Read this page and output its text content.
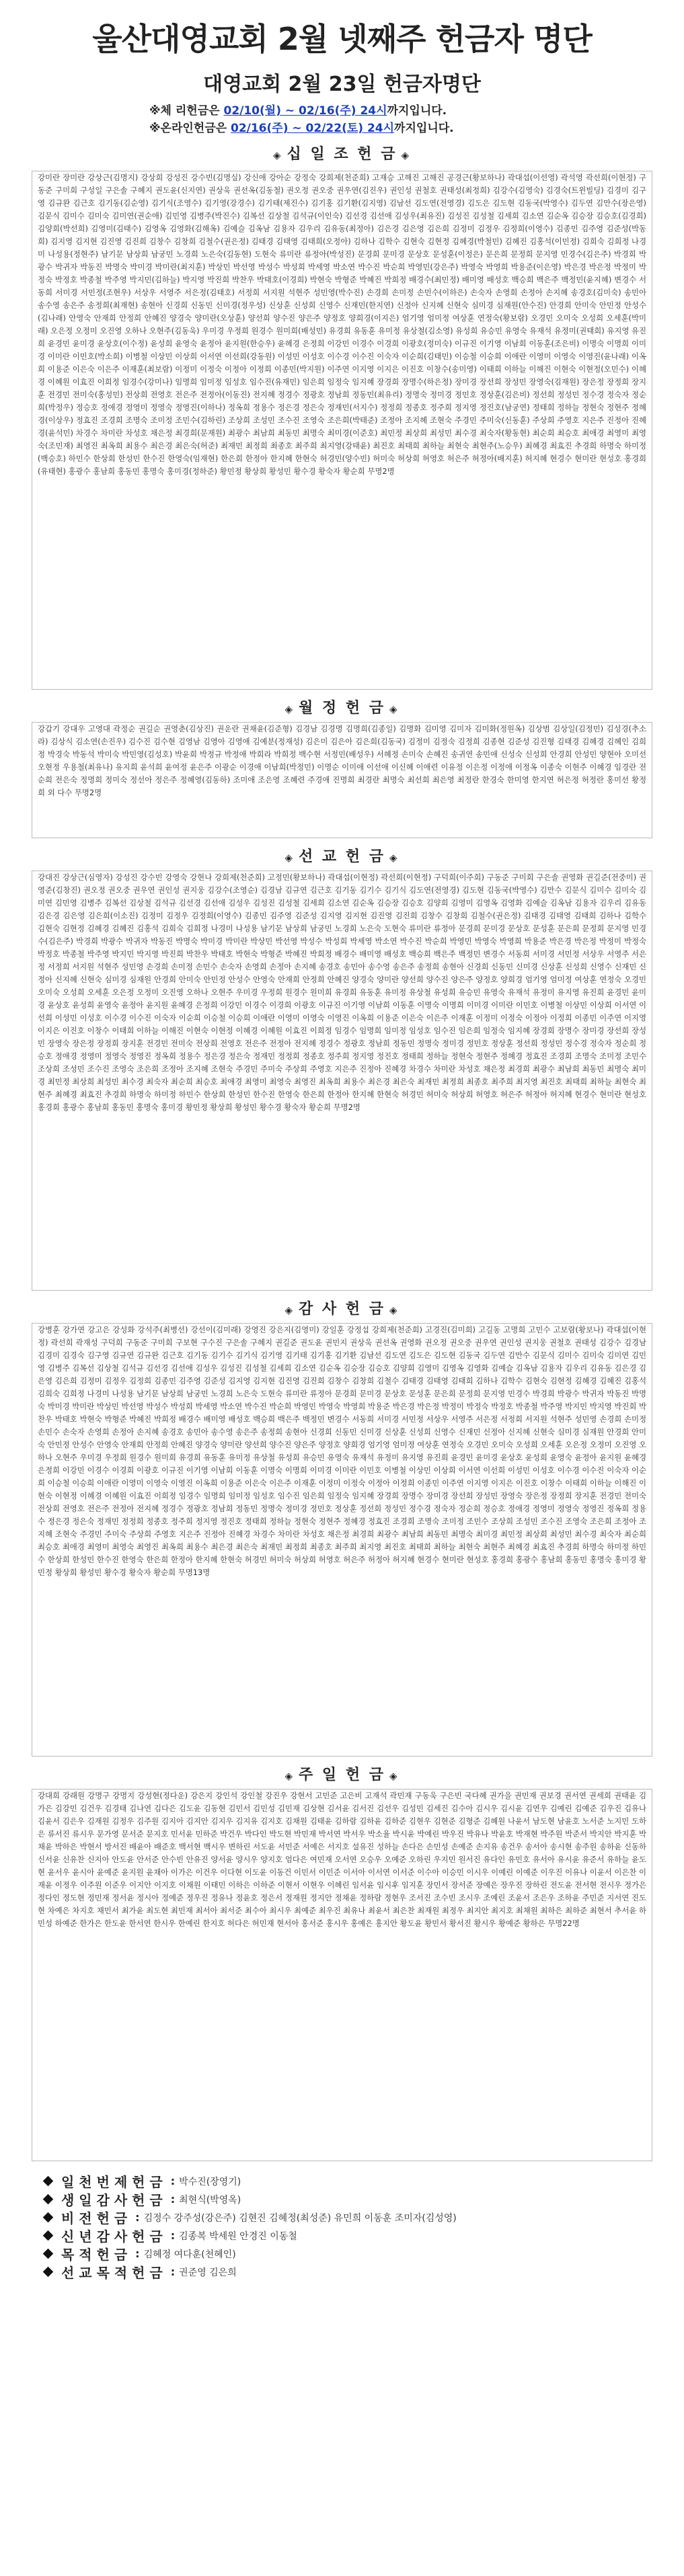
울산대영교회 2월 넷째주 헌금자 명단
대영교회 2월 23일 헌금자명단
※체 리헌금은 02/10(월) ~ 02/16(주) 24시까지입니다.
※온라인헌금은 02/16(주) ~ 02/22(토) 24시까지입니다.
◈ 십 일 조 헌 금 ◈

강미란 장미란 강상근(김명지) 강상희 강성진 강수빈(김명실) 강신애 강아순 강정숙 강희제(천준희) 고재승 고해진 고해진 공경근(황보하나) 곽대섭(이선영) 곽석영 곽선희(이현정) 구동준 구미희 구성일 구은솔 구혜지 권도윤(신지연) 권상욱 권선옥(김동철) 권오정 권오중 권우연(김진우) 권인성 권철호 권태성(최정희) 김강수(김영숙) 김경숙(트윈빌딩) 김경미 김구영 김규완 김근호 김기동(김순영) 김기식(조영수) 김기영(강경수) 김기태(제진수) 김기홍 김기환(김지영) 김남선 김도연(전영경) 김도은 김도현 김동국(박영수) 김두연 김만수(장은영) 김문식 김미수 김미숙 김미연(권순애) 김민영 김병주(박진수) 김복선 김상철 김석규(이인숙) 김선경 김선애 김성우(최유진) 김성진 김성철 김세희 김소연 김순옥 김승장 김승호(김경희) 김양희(박선희) 김영미(김태수) 김영옥 김영화(김해옥) 김예슬 김옥남 김용자 김우리 김유동(최정아) 김은경 김은영 김은희 김정미 김정우 김정희(이영수) 김종민 김주영 김준성(박동희) 김지영 김지현 김진영 김진희 김창수 김창희 김철수(권은정) 김태경 김태영 김태희(오정아) 김하나 김학수 김현숙 김현정 김혜경(박철민) 김혜진 김홍석(이민정) 김희숙 김희정 나경미 나성용(정현주) 남기문 남상희 남궁민 노경희 노은숙(김동현) 도현숙 류미란 류정아(박성진) 문경희 문미경 문상호 문성훈(이정은) 문은희 문정희 문지영 민경수(김은주) 박경희 박광수 박귀자 박동진 박명숙 박미경 박미란(최지훈) 박상민 박선영 박성수 박성희 박세영 박소연 박수진 박순희 박영민(강은주) 박영숙 박영희 박용준(이은영) 박은경 박은정 박정미 박정숙 박정호 박종철 박주영 박지민(김하늘) 박지영 박진희 박찬우 박태호(이경희) 박현숙 박형준 박혜진 박희정 배경수(최민정) 배미영 배성호 백승희 백은주 백정민(윤지혜) 변경수 서동희 서미경 서민정(조현우) 서상우 서영주 서은정(김태호) 서정희 서지원 석현주 성민영(박수진) 손경희 손미정 손민수(이하은) 손숙자 손영희 손정아 손지혜 송경호(김미숙) 송민아 송수영 송은주 송정희(최재현) 송현아 신경희 신동민 신미경(정우성) 신상훈 신성희 신영수 신재민(한지연) 신정아 신지혜 신현숙 심미경 심재원(안수진) 안경희 안미숙 안민정 안성수(김나래) 안영숙 안재희 안정희 안혜진 양경숙 양미란(오상훈) 양선희 양수진 양은주 양정호 양희경(이지은) 엄기영 엄미정 여상훈 연정숙(황보람) 오경민 오미숙 오성희 오세훈(박미래) 오은정 오정미 오진영 오하나 오현주(김동욱) 우미경 우정희 원경수 원미희(배성민) 유경희 유동훈 유미정 유상철(김소영) 유성희 유승민 유영숙 유재석 유정미(권태희) 유지영 유진희 윤경민 윤미경 윤상호(이수정) 윤성희 윤영숙 윤정아 윤지원(한승우) 윤혜경 은정희 이강민 이경수 이경희 이광호(정미숙) 이규진 이기영 이남희 이동훈(조은비) 이명숙 이명희 이미경 이미란 이민호(박소희) 이병철 이상민 이상희 이서연 이선희(강동원) 이성민 이성호 이수경 이수진 이숙자 이순희(김태민) 이승철 이승희 이애란 이영미 이영숙 이영진(윤나래) 이옥희 이용준 이은숙 이은주 이재훈(최보람) 이정미 이정숙 이정아 이정희 이종민(박지원) 이주연 이지영 이지은 이진호 이창수(송미영) 이태희 이하늘 이해진 이현숙 이현정(오민수) 이혜경 이혜원 이효진 이희정 임경수(강미나) 임명희 임미정 임성호 임수진(유재민) 임은희 임정숙 임지혜 장경희 장명수(하은정) 장미경 장선희 장성민 장영숙(김재원) 장은정 장정희 장지훈 전경민 전미숙(홍성민) 전상희 전영호 전은주 전정아(이동진) 전지혜 정경수 정광호 정남희 정동민(최유리) 정명숙 정미경 정민호 정상훈(김은비) 정선희 정성민 정수경 정숙자 정순희(박정우) 정승호 정애경 정영미 정영숙 정영진(이하나) 정옥희 정용수 정은경 정은숙 정재민(서지수) 정정희 정종호 정주희 정지영 정진호(남궁연) 정태희 정하늘 정현숙 정현주 정혜경(이상우) 정효진 조경희 조명숙 조미정 조민수(김하린) 조상희 조성민 조수진 조영숙 조은희(박태준) 조정아 조지혜 조현숙 주경민 주미숙(신동훈) 주상희 주영호 지은주 진정아 진혜경(윤석민) 차경수 차미란 차성호 채은정 최경희(문재원) 최광수 최남희 최동민 최명숙 최미경(이준호) 최민정 최상희 최성민 최수경 최숙자(황동현) 최순희 최승호 최애경 최영미 최영숙(조민재) 최영진 최옥희 최용수 최은경 최은숙(허준) 최재민 최정희 최종호 최주희 최지영(강태윤) 최진호 최태희 최하늘 최현숙 최현주(노승우) 최혜경 최효진 추경희 하명숙 하미정(백승호) 하민수 한상희 한성민 한수진 한영숙(임재현) 한은희 한정아 한지혜 한현숙 허경민(양수빈) 허미숙 허상희 허영호 허은주 허정아(배지훈) 허지혜 현경수 현미란 현성호 홍경희(유태현) 홍광수 홍남희 홍동민 홍명숙 홍미경(정하준) 황민정 황상희 황성민 황수경 황숙자 황순희 무명2명

◈ 월 정 헌 금 ◈

강갑기 강대우 고영대 곽정순 권길순 권영춘(김상진) 권운란 권채윤(김준형) 김경남 김경명 김명희(김종일) 김명화 김미영 김미자 김미화(정원옥) 김상범 김상일(김정민) 김성경(추소라) 김상식 김소연(손진우) 김수진 김수현 김영남 김영아 김영애 김예분(정재성) 김은미 김은아 김은희(김동국) 김정미 김정숙 김정희 김종현 김준성 김진형 김태경 김혜경 김혜인 김희정 박경숙 박동석 박미숙 박민영(김성호) 박윤희 박정규 박정애 박희라 박희정 백수현 서정민(배성우) 서혜정 손미숙 손혜진 송귀연 송민애 신성숙 신성희 안경희 안성민 양현아 오미선 오현정 우용철(최유나) 유지희 윤석희 윤여정 윤은주 이광순 이경애 이남희(박정민) 이명순 이미애 이선애 이신혜 이애련 이유정 이은정 이정애 이정옥 이종숙 이현주 이혜경 임경란 전순희 전은숙 정명희 정미숙 정선아 정은주 정혜영(김동하) 조미애 조은영 조혜련 주경애 진명희 최경란 최명숙 최선희 최은영 최정란 한경숙 한미영 한지연 허은정 허정란 홍미선 황정희 외 다수 무명2명

◈ 선 교 헌 금 ◈

강대진 강상근(심영자) 강성진 강수빈 강영숙 강현나 강희제(천준희) 고정민(황보하나) 곽대섭(이현정) 곽선희(이현정) 구덕희(이주희) 구동준 구미희 구은솔 권영화 권길준(전중미) 권영준(김창진) 권오정 권오중 권우연 권인성 권지웅 김강수(조영순) 김경남 김규연 김근호 김기동 김기수 김기식 김도연(전영경) 김도현 김동국(박영수) 김만수 김문식 김미수 김미숙 김미연 김민영 김병주 김복선 김상철 김석규 김선경 김선애 김성우 김성진 김성철 김세희 김소연 김순옥 김승장 김승호 김양희 김영미 김영옥 김영화 김예슬 김옥남 김용자 김우리 김유동 김은경 김은영 김은희(이소진) 김정미 김정우 김정희(이영수) 김종민 김주영 김준성 김지영 김지현 김진영 김진희 김창수 김창희 김철수(권은정) 김태경 김태영 김태희 김하나 김학수 김현숙 김현정 김혜경 김혜진 김홍석 김희숙 김희정 나경미 나성용 남기문 남상희 남궁민 노경희 노은숙 도현숙 류미란 류정아 문경희 문미경 문상호 문성훈 문은희 문정희 문지영 민경수(김은주) 박경희 박광수 박귀자 박동진 박명숙 박미경 박미란 박상민 박선영 박성수 박성희 박세영 박소연 박수진 박순희 박영민 박영숙 박영희 박용준 박은경 박은정 박정미 박정숙 박정호 박종철 박주영 박지민 박지영 박진희 박찬우 박태호 박현숙 박형준 박혜진 박희정 배경수 배미영 배성호 백승희 백은주 백정민 변경수 서동희 서미경 서민정 서상우 서영주 서은정 서정희 서지원 석현주 성민영 손경희 손미정 손민수 손숙자 손영희 손정아 손지혜 송경호 송민아 송수영 송은주 송정희 송현아 신경희 신동민 신미경 신상훈 신성희 신영수 신재민 신정아 신지혜 신현숙 심미경 심재원 안경희 안미숙 안민정 안성수 안영숙 안재희 안정희 안혜진 양경숙 양미란 양선희 양수진 양은주 양정호 양희경 엄기영 엄미정 여상훈 연정숙 오경민 오미숙 오성희 오세훈 오은정 오정미 오진영 오하나 오현주 우미경 우정희 원경수 원미희 유경희 유동훈 유미정 유상철 유성희 유승민 유영숙 유재석 유정미 유지영 유진희 윤경민 윤미경 윤상호 윤성희 윤영숙 윤정아 윤지원 윤혜경 은정희 이강민 이경수 이경희 이광호 이규진 이기영 이남희 이동훈 이명숙 이명희 이미경 이미란 이민호 이병철 이상민 이상희 이서연 이선희 이성민 이성호 이수경 이수진 이숙자 이순희 이승철 이승희 이애란 이영미 이영숙 이영진 이옥희 이용준 이은숙 이은주 이재훈 이정미 이정숙 이정아 이정희 이종민 이주연 이지영 이지은 이진호 이창수 이태희 이하늘 이해진 이현숙 이현정 이혜경 이혜원 이효진 이희정 임경수 임명희 임미정 임성호 임수진 임은희 임정숙 임지혜 장경희 장명수 장미경 장선희 장성민 장영숙 장은정 장정희 장지훈 전경민 전미숙 전상희 전영호 전은주 전정아 전지혜 정경수 정광호 정남희 정동민 정명숙 정미경 정민호 정상훈 정선희 정성민 정수경 정숙자 정순희 정승호 정애경 정영미 정영숙 정영진 정옥희 정용수 정은경 정은숙 정재민 정정희 정종호 정주희 정지영 정진호 정태희 정하늘 정현숙 정현주 정혜경 정효진 조경희 조명숙 조미정 조민수 조상희 조성민 조수진 조영숙 조은희 조정아 조지혜 조현숙 주경민 주미숙 주상희 주영호 지은주 진정아 진혜경 차경수 차미란 차성호 채은정 최경희 최광수 최남희 최동민 최명숙 최미경 최민정 최상희 최성민 최수경 최숙자 최순희 최승호 최애경 최영미 최영숙 최영진 최옥희 최용수 최은경 최은숙 최재민 최정희 최종호 최주희 최지영 최진호 최태희 최하늘 최현숙 최현주 최혜경 최효진 추경희 하명숙 하미정 하민수 한상희 한성민 한수진 한영숙 한은희 한정아 한지혜 한현숙 허경민 허미숙 허상희 허영호 허은주 허정아 허지혜 현경수 현미란 현성호 홍경희 홍광수 홍남희 홍동민 홍명숙 홍미경 황민정 황상희 황성민 황수경 황숙자 황순희 무명2명

◈ 감 사 헌 금 ◈

강병훈 강가연 강고은 강성화 강석주(최병선) 강선이(김미래) 강영진 강은지(김영미) 강일훈 강정섭 강희제(천준희) 고경진(김미희) 고길동 고명희 고민수 고보람(황보나) 곽대섭(이현정) 곽선희 곽재성 구덕희 구동준 구미희 구보현 구수진 구은솔 구혜지 권길준 권도윤 권민지 권상욱 권선옥 권영화 권오정 권오중 권우연 권인성 권지웅 권철호 권태성 김강수 김경남 김경미 김경숙 김구영 김규연 김규완 김근호 김기동 김기수 김기식 김기영 김기태 김기홍 김기환 김남선 김도연 김도은 김도현 김동국 김두연 김만수 김문식 김미수 김미숙 김미연 김민영 김병주 김복선 김상철 김석규 김선경 김선애 김성우 김성진 김성철 김세희 김소연 김순옥 김승장 김승호 김양희 김영미 김영옥 김영화 김예슬 김옥남 김용자 김우리 김유동 김은경 김은영 김은희 김정미 김정우 김정희 김종민 김주영 김준성 김지영 김지현 김진영 김진희 김창수 김창희 김철수 김태경 김태영 김태희 김하나 김학수 김현숙 김현정 김혜경 김혜진 김홍석 김희숙 김희정 나경미 나성용 남기문 남상희 남궁민 노경희 노은숙 도현숙 류미란 류정아 문경희 문미경 문상호 문성훈 문은희 문정희 문지영 민경수 박경희 박광수 박귀자 박동진 박명숙 박미경 박미란 박상민 박선영 박성수 박성희 박세영 박소연 박수진 박순희 박영민 박영숙 박영희 박용준 박은경 박은정 박정미 박정숙 박정호 박종철 박주영 박지민 박지영 박진희 박찬우 박태호 박현숙 박형준 박혜진 박희정 배경수 배미영 배성호 백승희 백은주 백정민 변경수 서동희 서미경 서민정 서상우 서영주 서은정 서정희 서지원 석현주 성민영 손경희 손미정 손민수 손숙자 손영희 손정아 손지혜 송경호 송민아 송수영 송은주 송정희 송현아 신경희 신동민 신미경 신상훈 신성희 신영수 신재민 신정아 신지혜 신현숙 심미경 심재원 안경희 안미숙 안민정 안성수 안영숙 안재희 안정희 안혜진 양경숙 양미란 양선희 양수진 양은주 양정호 양희경 엄기영 엄미정 여상훈 연정숙 오경민 오미숙 오성희 오세훈 오은정 오정미 오진영 오하나 오현주 우미경 우정희 원경수 원미희 유경희 유동훈 유미정 유상철 유성희 유승민 유영숙 유재석 유정미 유지영 유진희 윤경민 윤미경 윤상호 윤성희 윤영숙 윤정아 윤지원 윤혜경 은정희 이강민 이경수 이경희 이광호 이규진 이기영 이남희 이동훈 이명숙 이명희 이미경 이미란 이민호 이병철 이상민 이상희 이서연 이선희 이성민 이성호 이수경 이수진 이숙자 이순희 이승철 이승희 이애란 이영미 이영숙 이영진 이옥희 이용준 이은숙 이은주 이재훈 이정미 이정숙 이정아 이정희 이종민 이주연 이지영 이지은 이진호 이창수 이태희 이하늘 이해진 이현숙 이현정 이혜경 이혜원 이효진 이희정 임경수 임명희 임미정 임성호 임수진 임은희 임정숙 임지혜 장경희 장명수 장미경 장선희 장성민 장영숙 장은정 장정희 장지훈 전경민 전미숙 전상희 전영호 전은주 전정아 전지혜 정경수 정광호 정남희 정동민 정명숙 정미경 정민호 정상훈 정선희 정성민 정수경 정숙자 정순희 정승호 정애경 정영미 정영숙 정영진 정옥희 정용수 정은경 정은숙 정재민 정정희 정종호 정주희 정지영 정진호 정태희 정하늘 정현숙 정현주 정혜경 정효진 조경희 조명숙 조미정 조민수 조상희 조성민 조수진 조영숙 조은희 조정아 조지혜 조현숙 주경민 주미숙 주상희 주영호 지은주 진정아 진혜경 차경수 차미란 차성호 채은정 최경희 최광수 최남희 최동민 최명숙 최미경 최민정 최상희 최성민 최수경 최숙자 최순희 최승호 최애경 최영미 최영숙 최영진 최옥희 최용수 최은경 최은숙 최재민 최정희 최종호 최주희 최지영 최진호 최태희 최하늘 최현숙 최현주 최혜경 최효진 추경희 하명숙 하미정 하민수 한상희 한성민 한수진 한영숙 한은희 한정아 한지혜 한현숙 허경민 허미숙 허상희 허영호 허은주 허정아 허지혜 현경수 현미란 현성호 홍경희 홍광수 홍남희 홍동민 홍명숙 홍미경 황민정 황상희 황성민 황수경 황숙자 황순희 무명13명

◈ 주 일 헌 금 ◈

강대희 강래원 강명구 강명지 강성현(정다운) 강은지 강인석 강인철 강진우 강현서 고민준 고은비 고재석 곽민재 구동욱 구은빈 국다혜 권가을 권민재 권보경 권서연 권세희 권태윤 김가은 김강민 김건우 김경태 김나연 김다은 김도윤 김동현 김민서 김민성 김민재 김상현 김서윤 김서진 김선우 김성민 김세진 김수아 김시우 김시윤 김연우 김예린 김예준 김우진 김유나 김윤서 김은우 김재원 김정우 김주원 김지아 김지안 김지우 김지유 김지호 김채원 김태윤 김하람 김하윤 김하준 김현우 김현준 김형준 김혜원 나윤서 남도현 남윤호 노서준 노지민 도하은 류서진 류시우 문가영 문서준 문지호 민서윤 민하준 박건우 박다인 박도현 박민재 박서연 박서우 박소율 박시윤 박예린 박우진 박유나 박윤호 박재현 박주원 박준서 박지안 박지훈 박채윤 박하은 박현서 방서진 배윤아 배준호 백서현 백시우 변하린 서도윤 서민준 서예은 서지호 설유진 성하늘 손다은 손민성 손예준 손지유 송건우 송서아 송시현 송주원 송하윤 신동하 신서윤 신유찬 신지아 안도윤 안서준 안수빈 안유진 양서윤 양시우 양지호 엄다은 여민재 오서연 오승우 오예준 오하린 우지민 원서진 유다인 유민호 유서아 유시윤 유준서 유하늘 윤도현 윤서우 윤시아 윤예준 윤지원 윤채아 이가은 이건우 이다현 이도윤 이동건 이민서 이민준 이서아 이서연 이서준 이수아 이승민 이시우 이예린 이예준 이우진 이유나 이윤서 이은찬 이재윤 이정우 이주원 이준우 이지안 이지호 이채원 이태민 이하은 이하준 이현서 이현우 이혜린 임서윤 임시후 임지훈 장민서 장서준 장예은 장우진 장하린 전도윤 전서현 전시우 정가은 정다인 정도현 정민재 정서윤 정시아 정예준 정우진 정유나 정윤호 정은서 정재원 정지안 정채윤 정하람 정현우 조서진 조수빈 조시우 조예린 조윤서 조은우 조하윤 주민준 지서연 진도현 차예은 차지호 채민서 최가윤 최도현 최민재 최서아 최서준 최수아 최시우 최예준 최우진 최유나 최윤서 최은찬 최재원 최정우 최지안 최지호 최채원 최하은 최하준 최현서 추서윤 하민성 하예준 한가은 한도윤 한서연 한시우 한예린 한지호 허다은 허민재 현서아 홍서준 홍시우 홍예은 홍지안 황도윤 황민서 황서진 황시우 황예준 황하은 무명22명

일 천 번 제 헌 금 : 박수진(장영기)
생 일 감 사 헌 금 : 최현식(박영옥)
비 전 헌 금 : 김정수 강주성(강은주) 김현진 김혜정(최성준) 유민희 이동훈 조미자(김성영)
신 년 감 사 헌 금 : 김종복 박세원 안경진 이동철
목 적 헌 금 : 김혜정 여다훈(천혜인)
선 교 목 적 헌 금 : 권준영 김은희
